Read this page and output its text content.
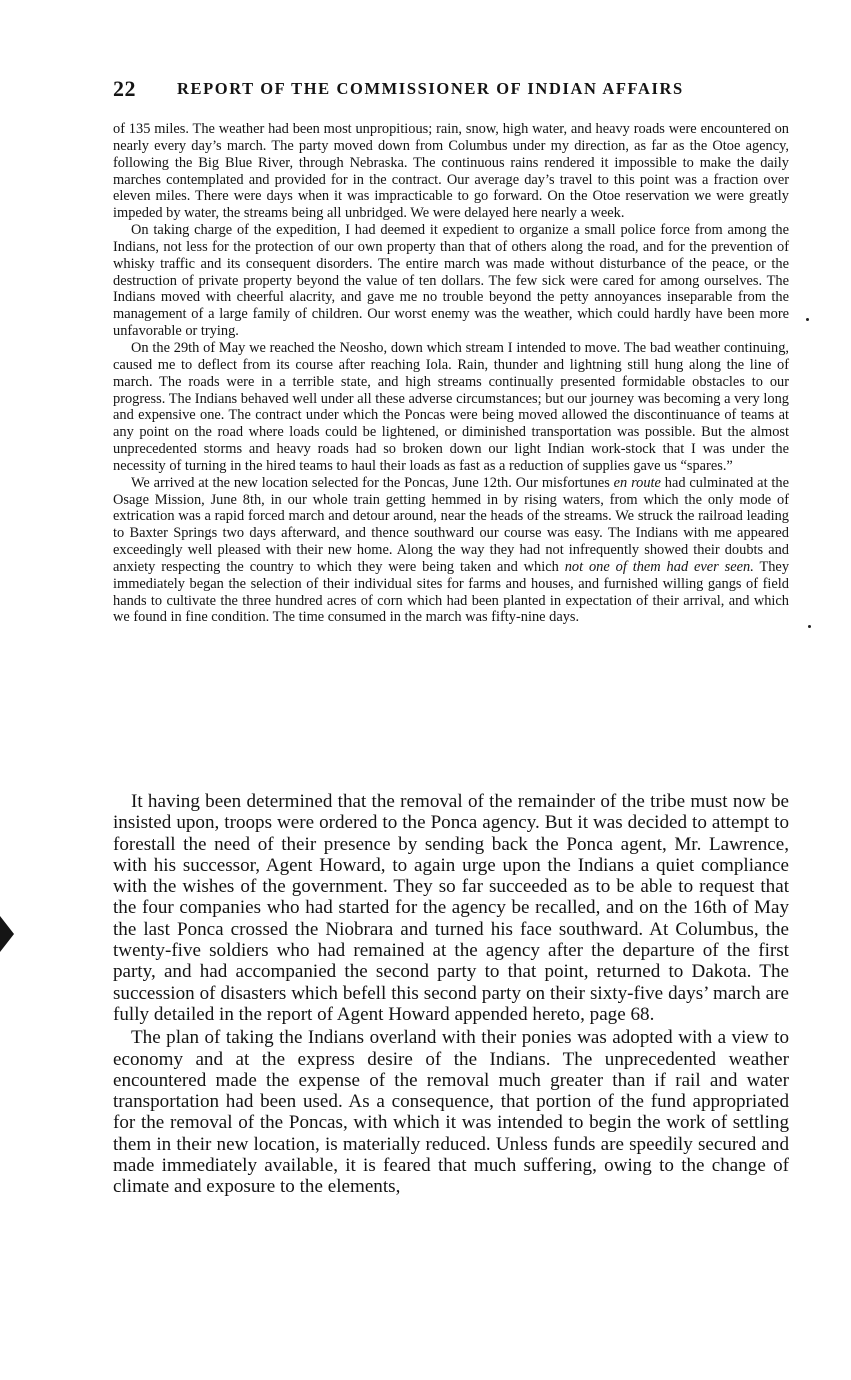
22 REPORT OF THE COMMISSIONER OF INDIAN AFFAIRS

of 135 miles. The weather had been most unpropitious; rain, snow, high water, and heavy roads were encountered on nearly every day’s march. The party moved down from Columbus under my direction, as far as the Otoe agency, following the Big Blue River, through Nebraska. The continuous rains rendered it impossible to make the daily marches contemplated and provided for in the contract. Our average day’s travel to this point was a fraction over eleven miles. There were days when it was impracticable to go forward. On the Otoe reservation we were greatly impeded by water, the streams being all unbridged. We were delayed here nearly a week.

On taking charge of the expedition, I had deemed it expedient to organize a small police force from among the Indians, not less for the protection of our own property than that of others along the road, and for the prevention of whisky traffic and its consequent disorders. The entire march was made without disturbance of the peace, or the destruction of private property beyond the value of ten dollars. The few sick were cared for among ourselves. The Indians moved with cheerful alacrity, and gave me no trouble beyond the petty annoyances inseparable from the management of a large family of children. Our worst enemy was the weather, which could hardly have been more unfavorable or trying.

On the 29th of May we reached the Neosho, down which stream I intended to move. The bad weather continuing, caused me to deflect from its course after reaching Iola. Rain, thunder and lightning still hung along the line of march. The roads were in a terrible state, and high streams continually presented formidable obstacles to our progress. The Indians behaved well under all these adverse circumstances; but our journey was becoming a very long and expensive one. The contract under which the Poncas were being moved allowed the discontinuance of teams at any point on the road where loads could be lightened, or diminished transportation was possible. But the almost unprecedented storms and heavy roads had so broken down our light Indian work-stock that I was under the necessity of turning in the hired teams to haul their loads as fast as a reduction of supplies gave us “spares.”

We arrived at the new location selected for the Poncas, June 12th. Our misfortunes en route had culminated at the Osage Mission, June 8th, in our whole train getting hemmed in by rising waters, from which the only mode of extrication was a rapid forced march and detour around, near the heads of the streams. We struck the railroad leading to Baxter Springs two days afterward, and thence southward our course was easy. The Indians with me appeared exceedingly well pleased with their new home. Along the way they had not infrequently showed their doubts and anxiety respecting the country to which they were being taken and which not one of them had ever seen. They immediately began the selection of their individual sites for farms and houses, and furnished willing gangs of field hands to cultivate the three hundred acres of corn which had been planted in expectation of their arrival, and which we found in fine condition. The time consumed in the march was fifty-nine days.

It having been determined that the removal of the remainder of the tribe must now be insisted upon, troops were ordered to the Ponca agency. But it was decided to attempt to forestall the need of their presence by sending back the Ponca agent, Mr. Lawrence, with his successor, Agent Howard, to again urge upon the Indians a quiet compliance with the wishes of the government. They so far succeeded as to be able to request that the four companies who had started for the agency be recalled, and on the 16th of May the last Ponca crossed the Niobrara and turned his face southward. At Columbus, the twenty-five soldiers who had remained at the agency after the departure of the first party, and had accompanied the second party to that point, returned to Dakota. The succession of disasters which befell this second party on their sixty-five days’ march are fully detailed in the report of Agent Howard appended hereto, page 68.

The plan of taking the Indians overland with their ponies was adopted with a view to economy and at the express desire of the Indians. The unprecedented weather encountered made the expense of the removal much greater than if rail and water transportation had been used. As a consequence, that portion of the fund appropriated for the removal of the Poncas, with which it was intended to begin the work of settling them in their new location, is materially reduced. Unless funds are speedily secured and made immediately available, it is feared that much suffering, owing to the change of climate and exposure to the elements,
